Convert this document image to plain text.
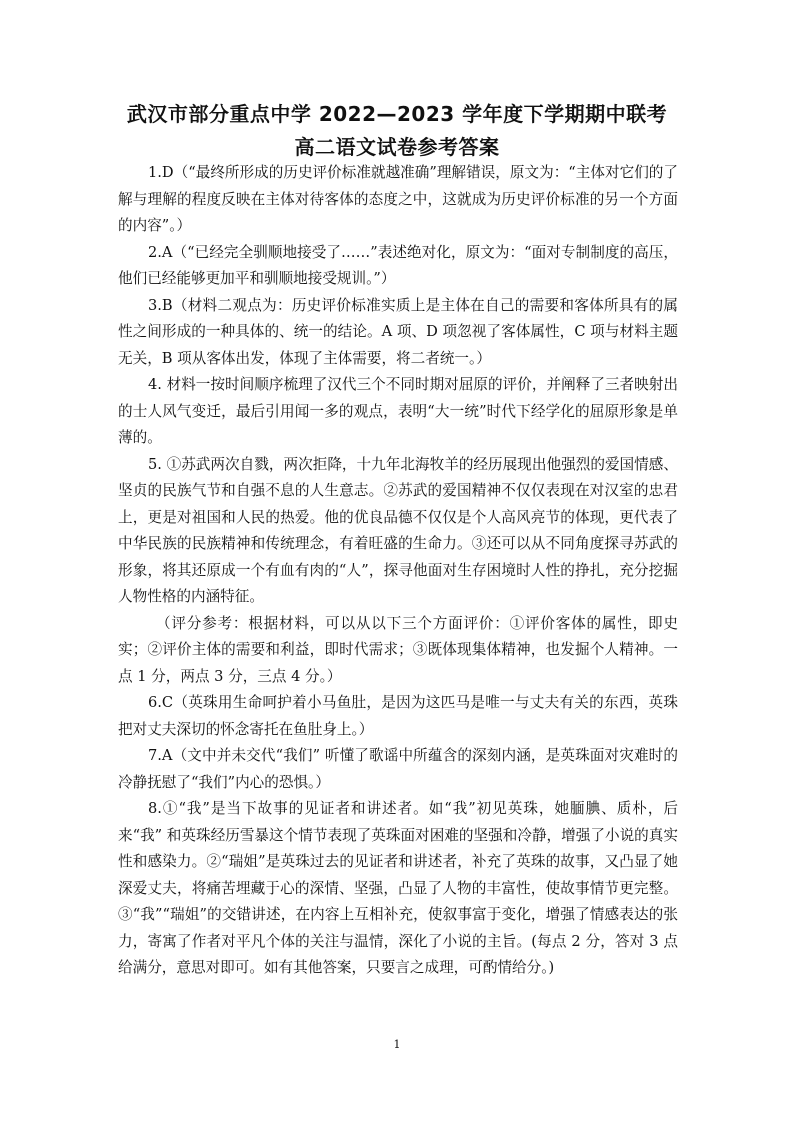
武汉市部分重点中学 2022—2023 学年度下学期期中联考
高二语文试卷参考答案

1.D（“最终所形成的历史评价标准就越准确”理解错误，原文为：“主体对它们的了解与理解的程度反映在主体对待客体的态度之中，这就成为历史评价标准的另一个方面的内容”。）

2.A（“已经完全驯顺地接受了……”表述绝对化，原文为：“面对专制制度的高压，他们已经能够更加平和驯顺地接受规训。”）

3.B（材料二观点为：历史评价标准实质上是主体在自己的需要和客体所具有的属性之间形成的一种具体的、统一的结论。A 项、D 项忽视了客体属性，C 项与材料主题无关，B 项从客体出发，体现了主体需要，将二者统一。）

4. 材料一按时间顺序梳理了汉代三个不同时期对屈原的评价，并阐释了三者映射出的士人风气变迁，最后引用闻一多的观点，表明“大一统”时代下经学化的屈原形象是单薄的。

5. ①苏武两次自戮，两次拒降，十九年北海牧羊的经历展现出他强烈的爱国情感、坚贞的民族气节和自强不息的人生意志。②苏武的爱国精神不仅仅表现在对汉室的忠君上，更是对祖国和人民的热爱。他的优良品德不仅仅是个人高风亮节的体现，更代表了中华民族的民族精神和传统理念，有着旺盛的生命力。③还可以从不同角度探寻苏武的形象，将其还原成一个有血有肉的“人”，探寻他面对生存困境时人性的挣扎，充分挖掘人物性格的内涵特征。

（评分参考：根据材料，可以从以下三个方面评价：①评价客体的属性，即史实；②评价主体的需要和利益，即时代需求；③既体现集体精神，也发掘个人精神。一点 1 分，两点 3 分，三点 4 分。）

6.C（英珠用生命呵护着小马鱼肚，是因为这匹马是唯一与丈夫有关的东西，英珠把对丈夫深切的怀念寄托在鱼肚身上。）

7.A（文中并未交代“我们” 听懂了歌谣中所蕴含的深刻内涵，是英珠面对灾难时的冷静抚慰了“我们”内心的恐惧。）

8.①“我”是当下故事的见证者和讲述者。如“我”初见英珠，她腼腆、质朴，后来“我” 和英珠经历雪暴这个情节表现了英珠面对困难的坚强和冷静，增强了小说的真实性和感染力。②“瑞姐”是英珠过去的见证者和讲述者，补充了英珠的故事，又凸显了她深爱丈夫，将痛苦埋藏于心的深情、坚强，凸显了人物的丰富性，使故事情节更完整。③“我”“瑞姐”的交错讲述，在内容上互相补充，使叙事富于变化，增强了情感表达的张力，寄寓了作者对平凡个体的关注与温情，深化了小说的主旨。(每点 2 分，答对 3 点给满分，意思对即可。如有其他答案，只要言之成理，可酌情给分。)

1
